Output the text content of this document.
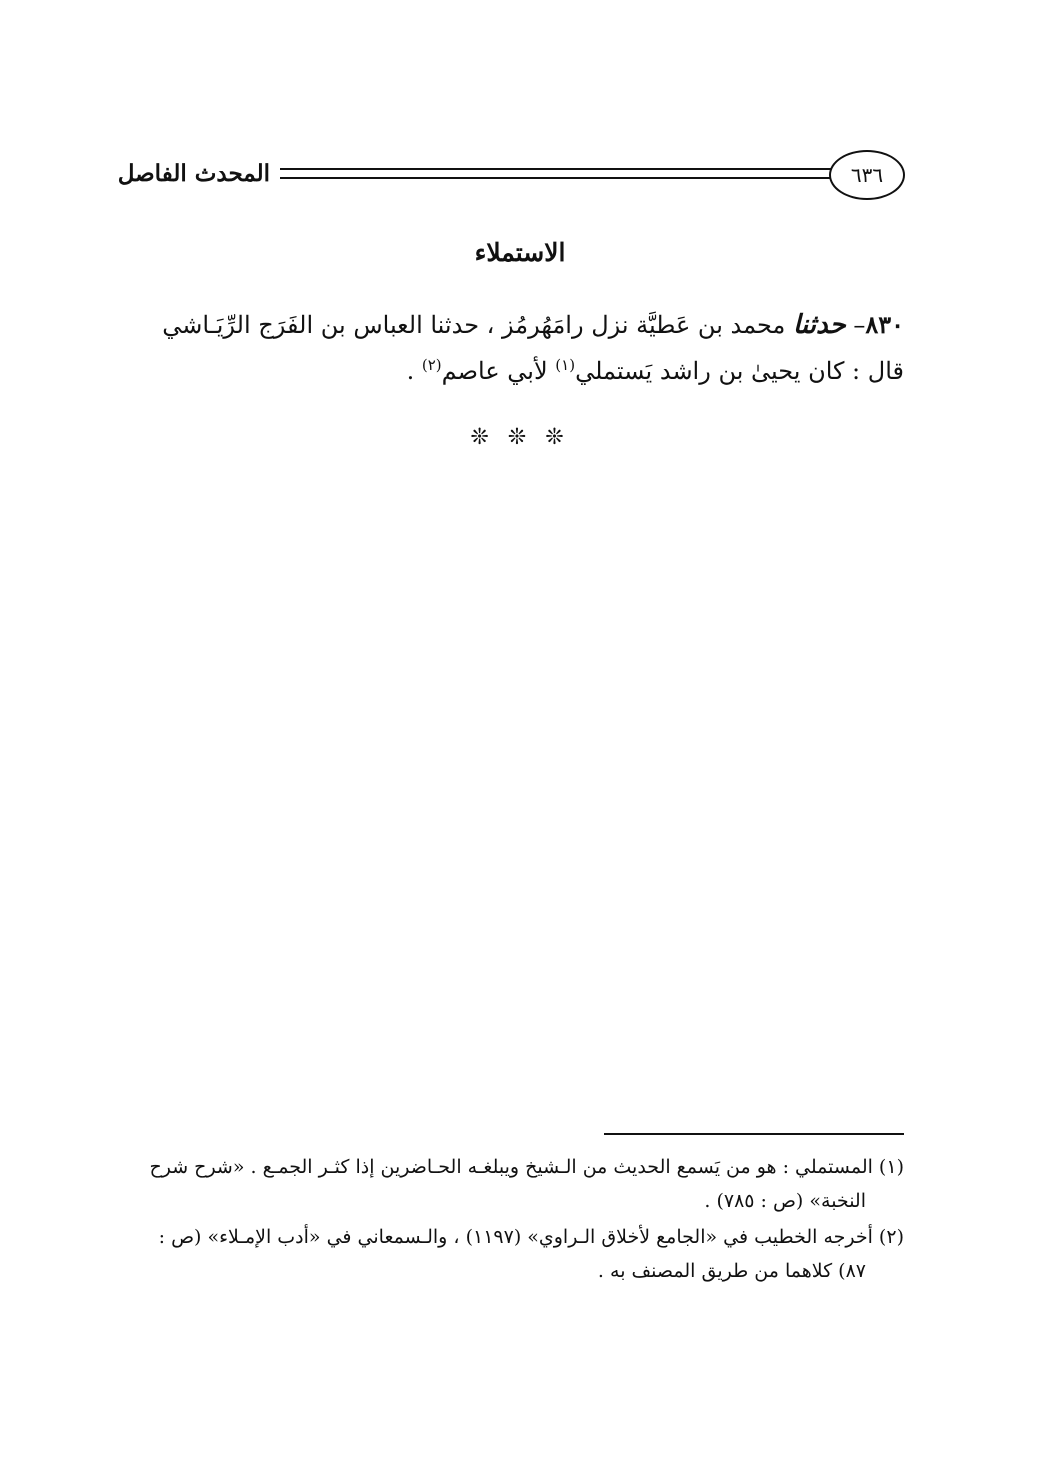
٦٣٦
المحدث الفاصل
الاستملاء
٨٣٠– حدثنا محمد بن عَطيَّة نزل رامَهُرمُز ، حدثنا العباس بن الفَرَج الرِّيَـاشي
قال : كان يحيىٰ بن راشد يَستملي$^{(١)}$ لأبي عاصم$^{(٢)}$ .
❊ ❊ ❊
(١) المستملي : هو من يَسمع الحديث من الـشيخ ويبلغـه الحـاضرين إذا كثـر الجمـع . «شرح شرح
النخبة» (ص : ٧٨٥) .
(٢) أخرجه الخطيب في «الجامع لأخلاق الـراوي» (١١٩٧) ، والـسمعاني في «أدب الإمـلاء» (ص :
٨٧) كلاهما من طريق المصنف به .
